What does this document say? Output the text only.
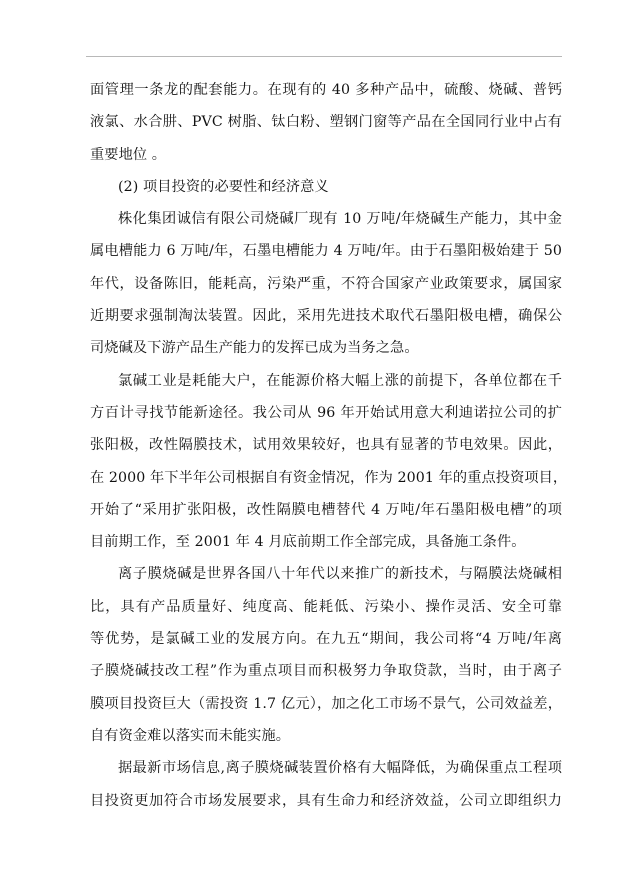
面管理一条龙的配套能力。在现有的 40 多种产品中，硫酸、烧碱、普钙
液氯、水合肼、PVC 树脂、钛白粉、塑钢门窗等产品在全国同行业中占有
重要地位 。
(2) 项目投资的必要性和经济意义
株化集团诚信有限公司烧碱厂现有 10 万吨/年烧碱生产能力，其中金
属电槽能力 6 万吨/年，石墨电槽能力 4 万吨/年。由于石墨阳极始建于 50
年代，设备陈旧，能耗高，污染严重，不符合国家产业政策要求，属国家
近期要求强制淘汰装置。因此，采用先进技术取代石墨阳极电槽，确保公
司烧碱及下游产品生产能力的发挥已成为当务之急。
氯碱工业是耗能大户，在能源价格大幅上涨的前提下，各单位都在千
方百计寻找节能新途径。我公司从 96 年开始试用意大利迪诺拉公司的扩
张阳极，改性隔膜技术，试用效果较好，也具有显著的节电效果。因此，
在 2000 年下半年公司根据自有资金情况，作为 2001 年的重点投资项目，
开始了“采用扩张阳极，改性隔膜电槽替代 4 万吨/年石墨阳极电槽”的项
目前期工作，至 2001 年 4 月底前期工作全部完成，具备施工条件。
离子膜烧碱是世界各国八十年代以来推广的新技术，与隔膜法烧碱相
比，具有产品质量好、纯度高、能耗低、污染小、操作灵活、安全可靠
等优势，是氯碱工业的发展方向。在九五“期间，我公司将“4 万吨/年离
子膜烧碱技改工程”作为重点项目而积极努力争取贷款，当时，由于离子
膜项目投资巨大（需投资 1.7 亿元），加之化工市场不景气，公司效益差，
自有资金难以落实而未能实施。
据最新市场信息,离子膜烧碱装置价格有大幅降低，为确保重点工程项
目投资更加符合市场发展要求，具有生命力和经济效益，公司立即组织力
